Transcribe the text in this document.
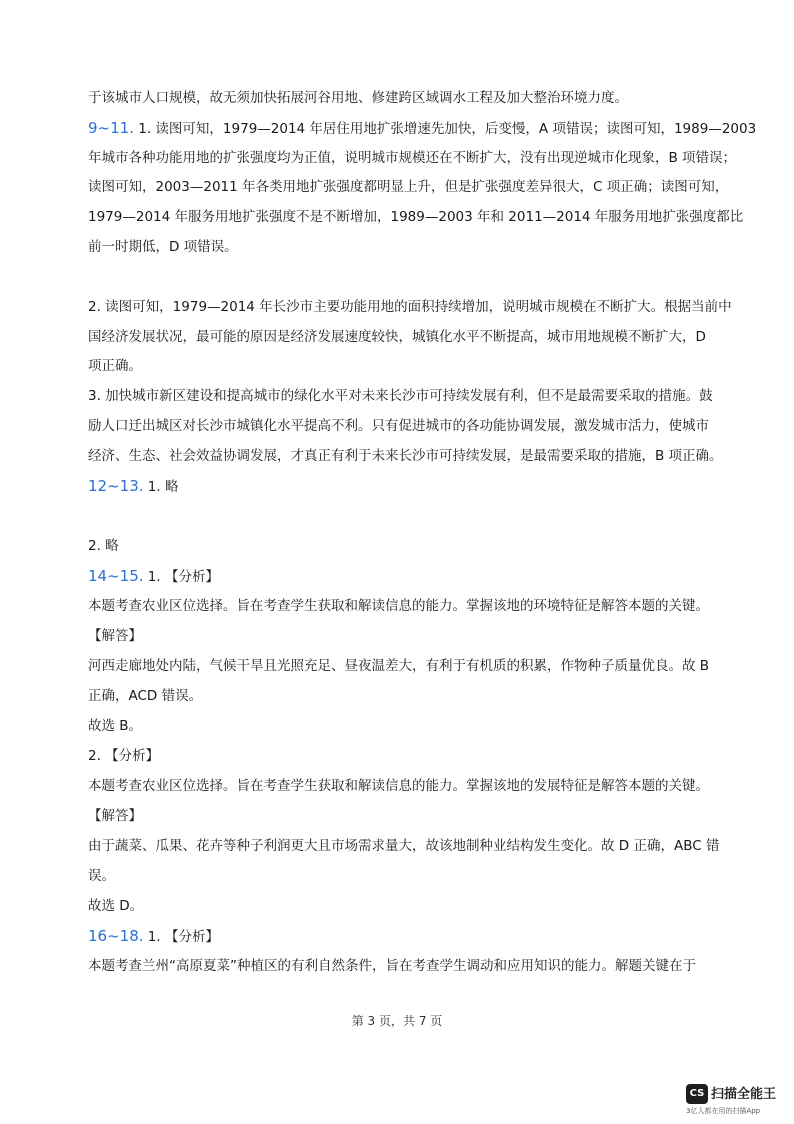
于该城市人口规模，故无须加快拓展河谷用地、修建跨区域调水工程及加大整治环境力度。
9~11. 1. 读图可知，1979—2014 年居住用地扩张增速先加快，后变慢，A 项错误；读图可知，1989—2003
年城市各种功能用地的扩张强度均为正值，说明城市规模还在不断扩大，没有出现逆城市化现象，B 项错误；
读图可知，2003—2011 年各类用地扩张强度都明显上升，但是扩张强度差异很大，C 项正确；读图可知，
1979—2014 年服务用地扩张强度不是不断增加，1989—2003 年和 2011—2014 年服务用地扩张强度都比
前一时期低，D 项错误。
2. 读图可知，1979—2014 年长沙市主要功能用地的面积持续增加，说明城市规模在不断扩大。根据当前中
国经济发展状况，最可能的原因是经济发展速度较快，城镇化水平不断提高，城市用地规模不断扩大，D
项正确。
3. 加快城市新区建设和提高城市的绿化水平对未来长沙市可持续发展有利，但不是最需要采取的措施。鼓
励人口迁出城区对长沙市城镇化水平提高不利。只有促进城市的各功能协调发展，激发城市活力，使城市
经济、生态、社会效益协调发展，才真正有利于未来长沙市可持续发展，是最需要采取的措施，B 项正确。
12~13. 1. 略
2. 略
14~15. 1. 【分析】
本题考查农业区位选择。旨在考查学生获取和解读信息的能力。掌握该地的环境特征是解答本题的关键。
【解答】
河西走廊地处内陆，气候干旱且光照充足、昼夜温差大，有利于有机质的积累，作物种子质量优良。故 B
正确，ACD 错误。
故选 B。
2. 【分析】
本题考查农业区位选择。旨在考查学生获取和解读信息的能力。掌握该地的发展特征是解答本题的关键。
【解答】
由于蔬菜、瓜果、花卉等种子利润更大且市场需求量大，故该地制种业结构发生变化。故 D 正确，ABC 错
误。
故选 D。
16~18. 1. 【分析】
本题考查兰州“高原夏菜”种植区的有利自然条件，旨在考查学生调动和应用知识的能力。解题关键在于
第 3 页，共 7 页
CS 扫描全能王
3亿人都在用的扫描App
